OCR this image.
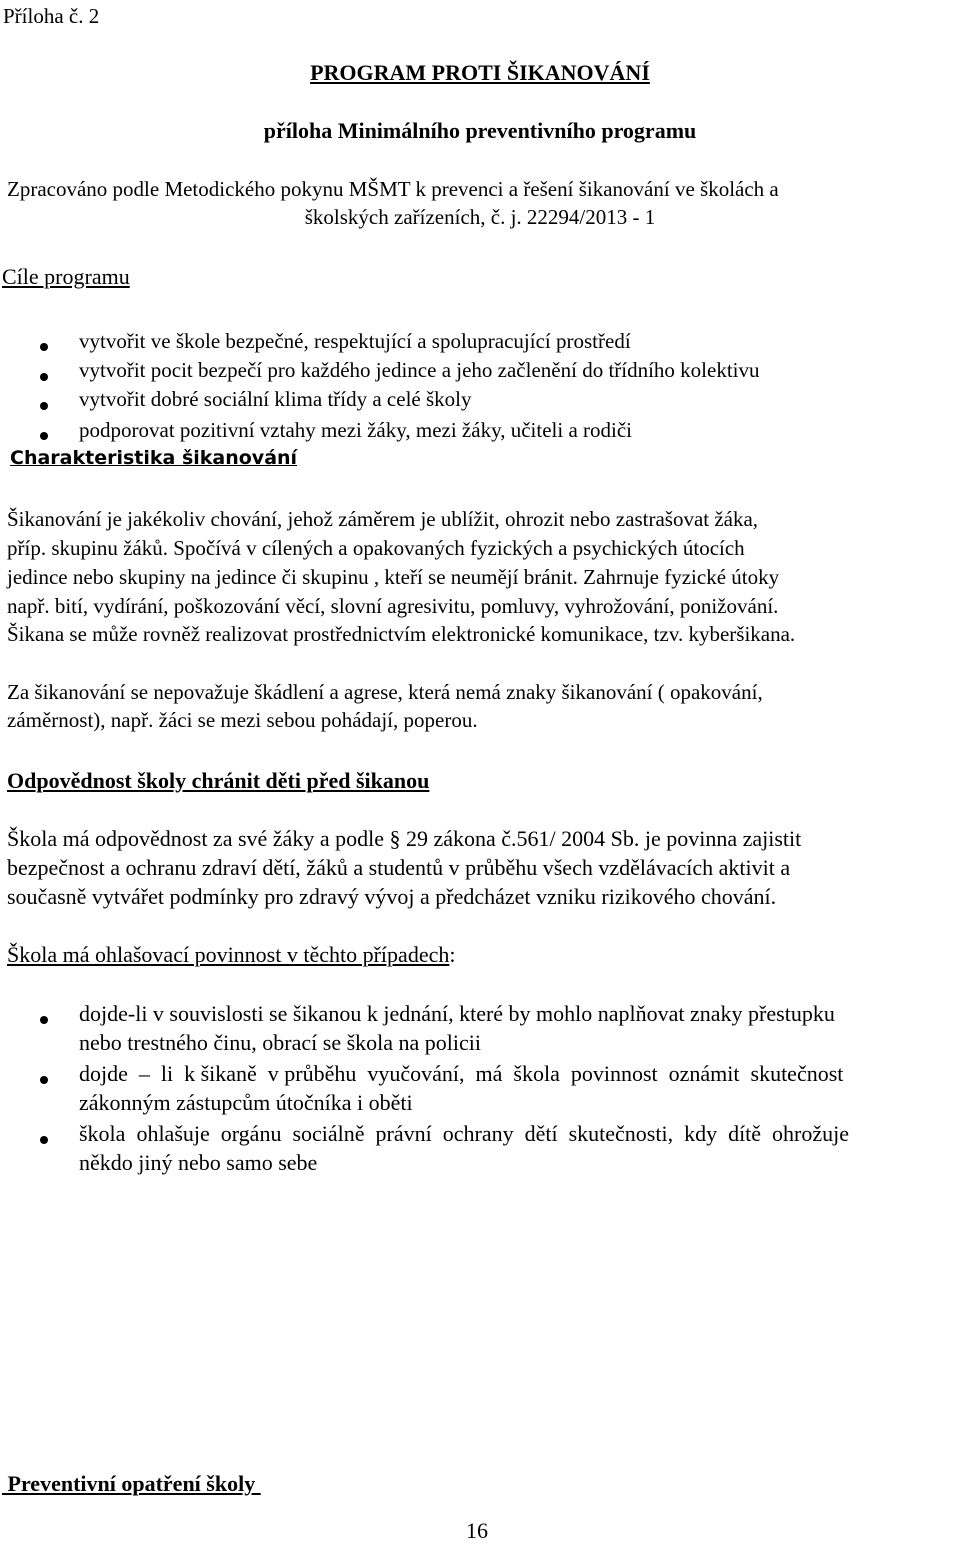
Příloha č. 2
PROGRAM PROTI ŠIKANOVÁNÍ
příloha Minimálního preventivního programu
Zpracováno podle Metodického pokynu MŠMT k prevenci a řešení šikanování ve školách a
školských zařízeních, č. j. 22294/2013 - 1
Cíle programu
vytvořit ve škole bezpečné, respektující a spolupracující prostředí
vytvořit pocit bezpečí pro každého jedince a jeho začlenění do třídního kolektivu
vytvořit dobré sociální klima třídy a celé školy
podporovat pozitivní vztahy mezi žáky, mezi žáky, učiteli a rodiči
Charakteristika šikanování
Šikanování je jakékoliv chování, jehož záměrem je ublížit, ohrozit nebo zastrašovat žáka,
příp. skupinu žáků. Spočívá v cílených a opakovaných fyzických a psychických útocích
jedince nebo skupiny na jedince či skupinu , kteří se neumějí bránit. Zahrnuje fyzické útoky
např. bití, vydírání, poškozování věcí, slovní agresivitu, pomluvy, vyhrožování, ponižování.
Šikana se může rovněž realizovat prostřednictvím elektronické komunikace, tzv. kyberšikana.
Za šikanování se nepovažuje škádlení a agrese, která nemá znaky šikanování ( opakování,
záměrnost), např. žáci se mezi sebou pohádají, poperou.
Odpovědnost školy chránit děti před šikanou
Škola má odpovědnost za své žáky a podle § 29 zákona č.561/ 2004 Sb. je povinna zajistit
bezpečnost a ochranu zdraví dětí, žáků a studentů v průběhu všech vzdělávacích aktivit a
současně vytvářet podmínky pro zdravý vývoj a předcházet vzniku rizikového chování.
Škola má ohlašovací povinnost v těchto případech:
dojde-li v souvislosti se šikanou k jednání, které by mohlo naplňovat znaky přestupku
nebo trestného činu, obrací se škola na policii
dojde  –  li  k šikaně  v průběhu  vyučování,  má  škola  povinnost  oznámit  skutečnost
zákonným zástupcům útočníka i oběti
škola  ohlašuje  orgánu  sociálně  právní  ochrany  dětí  skutečnosti,  kdy  dítě  ohrožuje
někdo jiný nebo samo sebe
Preventivní opatření školy
16
